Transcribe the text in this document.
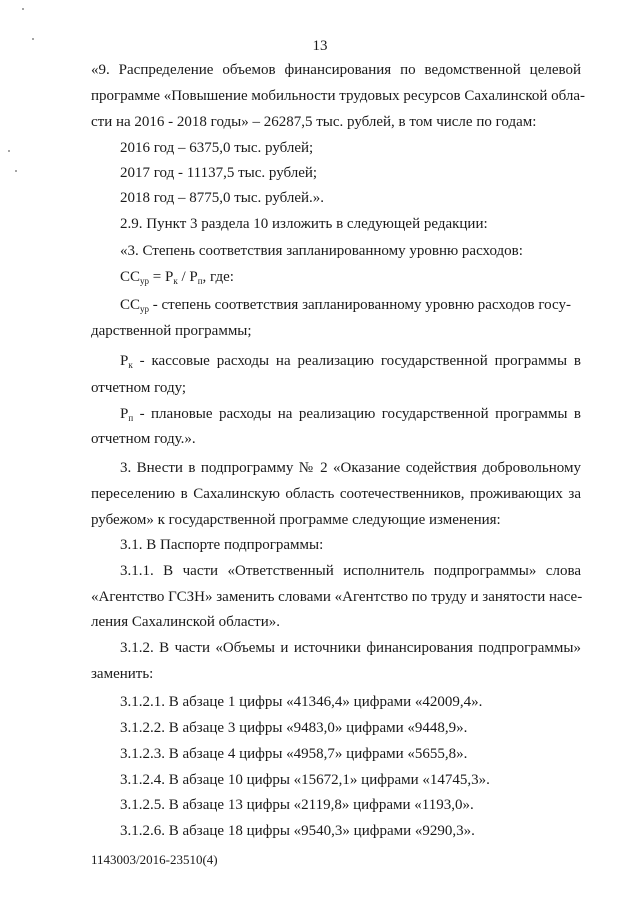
13
«9. Распределение объемов финансирования по ведомственной целевой
программе «Повышение мобильности трудовых ресурсов Сахалинской обла-
сти на 2016 - 2018 годы» – 26287,5 тыс. рублей, в том числе по годам:
2016 год – 6375,0 тыс. рублей;
2017 год - 11137,5 тыс. рублей;
2018 год – 8775,0 тыс. рублей.».
2.9. Пункт 3 раздела 10 изложить в следующей редакции:
«3. Степень соответствия запланированному уровню расходов:
$СС_{ур} = Р_к / Р_п$, где:
$СС_{ур}$ - степень соответствия запланированному уровню расходов госу-
дарственной программы;
$Р_к$ - кассовые расходы на реализацию государственной программы в
отчетном году;
$Р_п$ - плановые расходы на реализацию государственной программы в
отчетном году.».
3. Внести в подпрограмму № 2 «Оказание содействия добровольному
переселению в Сахалинскую область соотечественников, проживающих за
рубежом» к государственной программе следующие изменения:
3.1. В Паспорте подпрограммы:
3.1.1. В части «Ответственный исполнитель подпрограммы» слова
«Агентство ГСЗН» заменить словами «Агентство по труду и занятости насе-
ления Сахалинской области».
3.1.2. В части «Объемы и источники финансирования подпрограммы»
заменить:
3.1.2.1. В абзаце 1 цифры «41346,4» цифрами «42009,4».
3.1.2.2. В абзаце 3 цифры «9483,0» цифрами «9448,9».
3.1.2.3. В абзаце 4 цифры «4958,7» цифрами «5655,8».
3.1.2.4. В абзаце 10 цифры «15672,1» цифрами «14745,3».
3.1.2.5. В абзаце 13 цифры «2119,8» цифрами «1193,0».
3.1.2.6. В абзаце 18 цифры «9540,3» цифрами «9290,3».
1143003/2016-23510(4)
